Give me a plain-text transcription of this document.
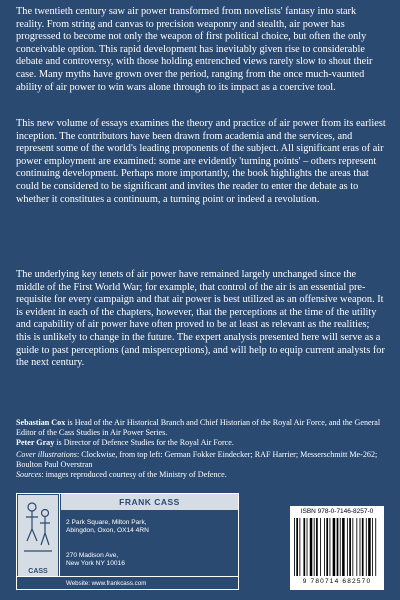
The twentieth century saw air power transformed from novelists' fantasy into stark reality. From string and canvas to precision weaponry and stealth, air power has progressed to become not only the weapon of first political choice, but often the only conceivable option. This rapid development has inevitably given rise to considerable debate and controversy, with those holding entrenched views rarely slow to shout their case. Many myths have grown over the period, ranging from the once much-vaunted ability of air power to win wars alone through to its impact as a coercive tool.
This new volume of essays examines the theory and practice of air power from its earliest inception. The contributors have been drawn from academia and the services, and represent some of the world's leading proponents of the subject. All significant eras of air power employment are examined: some are evidently 'turning points' – others represent continuing development. Perhaps more importantly, the book highlights the areas that could be considered to be significant and invites the reader to enter the debate as to whether it constitutes a continuum, a turning point or indeed a revolution.
The underlying key tenets of air power have remained largely unchanged since the middle of the First World War; for example, that control of the air is an essential pre-requisite for every campaign and that air power is best utilized as an offensive weapon. It is evident in each of the chapters, however, that the perceptions at the time of the utility and capability of air power have often proved to be at least as relevant as the realities; this is unlikely to change in the future. The expert analysis presented here will serve as a guide to past perceptions (and misperceptions), and will help to equip current analysts for the next century.
Sebastian Cox is Head of the Air Historical Branch and Chief Historian of the Royal Air Force, and the General Editor of the Cass Studies in Air Power Series.
Peter Gray is Director of Defence Studies for the Royal Air Force.
Cover illustrations: Clockwise, from top left: German Fokker Eindecker; RAF Harrier; Messerschmitt Me-262; Boulton Paul Overstran
Sources: images reproduced courtesy of the Ministry of Defence.
CASS
FRANK CASS
2 Park Square, Milton Park,
Abingdon, Oxon, OX14 4RN
270 Madison Ave,
New York NY 10016
Website: www.frankcass.com
ISBN 978-0-7146-8257-0
9 780714 682570
